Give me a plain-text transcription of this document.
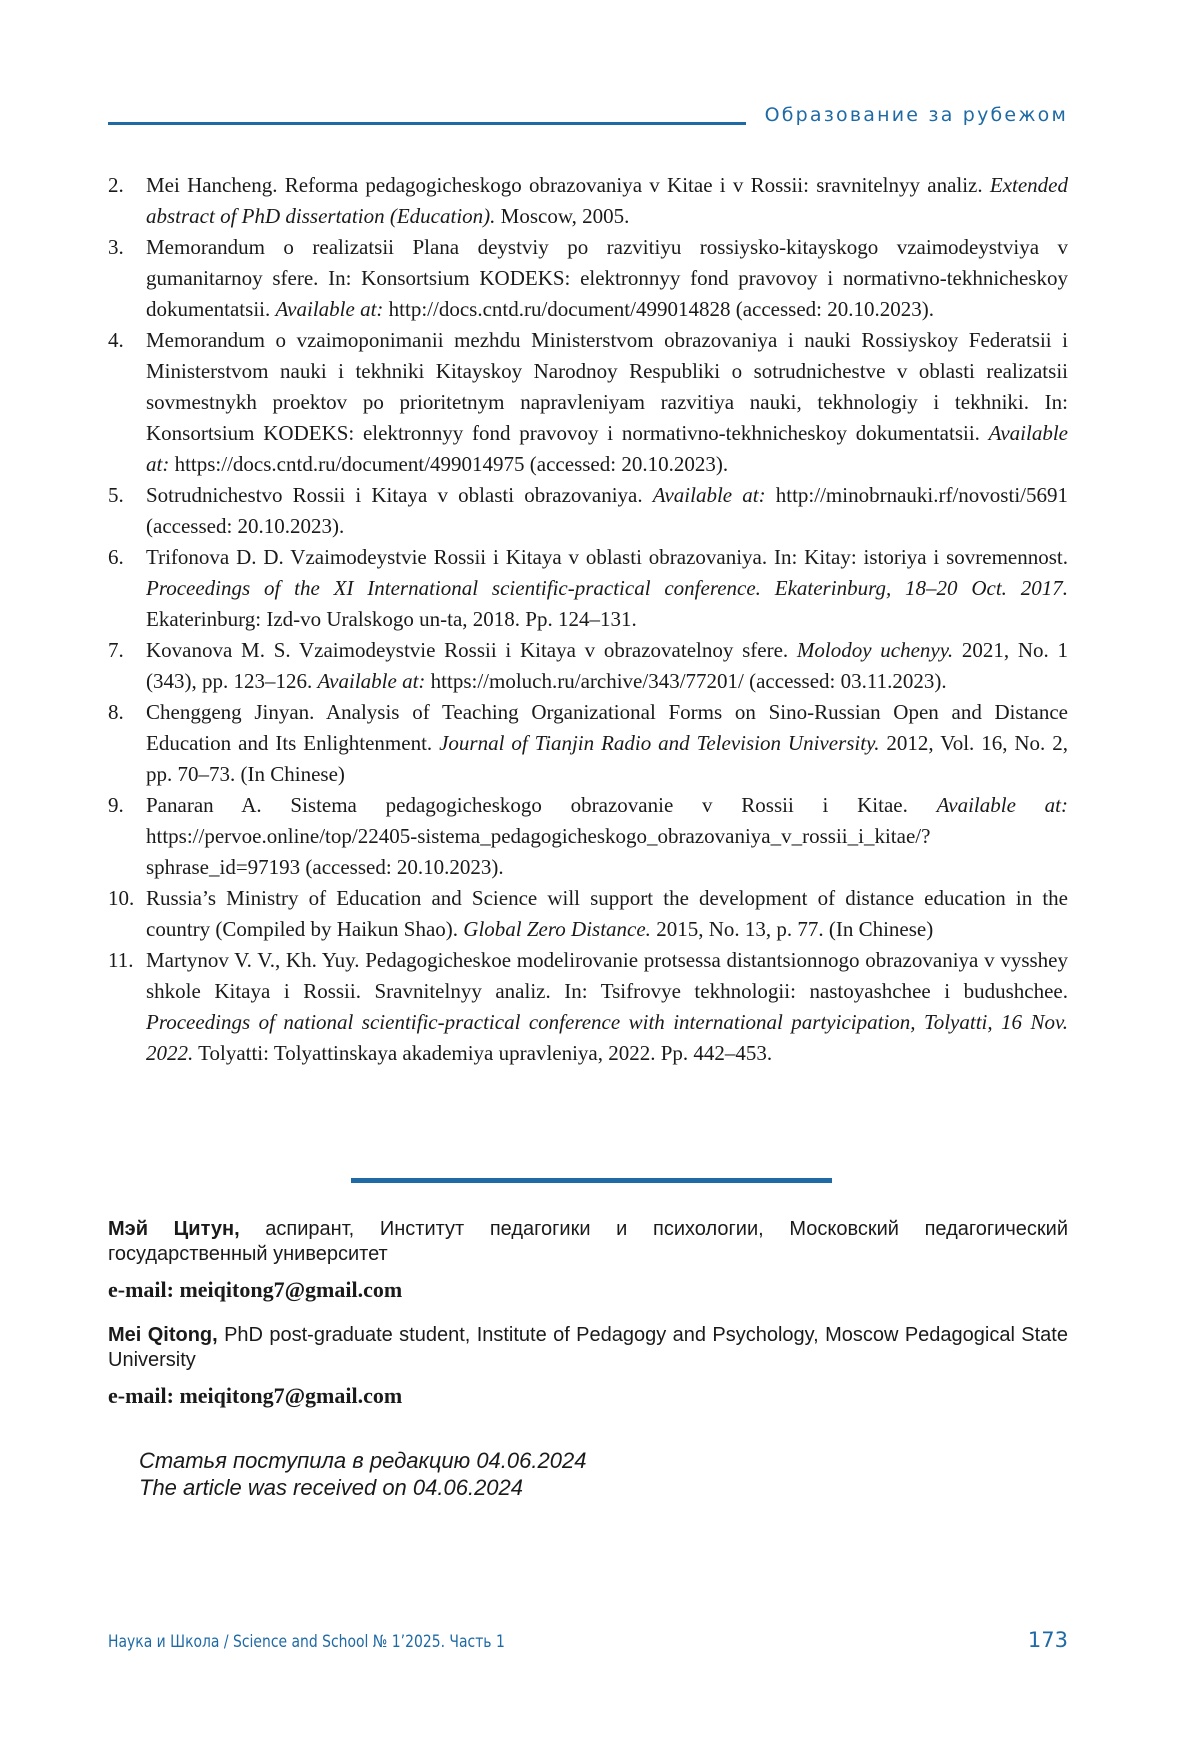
Образование за рубежом
2. Mei Hancheng. Reforma pedagogicheskogo obrazovaniya v Kitae i v Rossii: sravnitelnyy analiz. Extended abstract of PhD dissertation (Education). Moscow, 2005.
3. Memorandum o realizatsii Plana deystviy po razvitiyu rossiysko-kitayskogo vzaimodeystviya v gumanitarnoy sfere. In: Konsortsium KODEKS: elektronnyy fond pravovoy i normativno-tekhnicheskoy dokumentatsii. Available at: http://docs.cntd.ru/document/499014828 (accessed: 20.10.2023).
4. Memorandum o vzaimoponimanii mezhdu Ministerstvom obrazovaniya i nauki Rossiyskoy Federatsii i Ministerstvom nauki i tekhniki Kitayskoy Narodnoy Respubliki o sotrudnichestve v oblasti realizatsii sovmestnykh proektov po prioritetnym napravleniyam razvitiya nauki, tekhnologiy i tekhniki. In: Konsortsium KODEKS: elektronnyy fond pravovoy i normativno-tekhnicheskoy dokumentatsii. Available at: https://docs.cntd.ru/document/499014975 (accessed: 20.10.2023).
5. Sotrudnichestvo Rossii i Kitaya v oblasti obrazovaniya. Available at: http://minobrnauki.rf/novosti/5691 (accessed: 20.10.2023).
6. Trifonova D. D. Vzaimodeystvie Rossii i Kitaya v oblasti obrazovaniya. In: Kitay: istoriya i sovremennost. Proceedings of the XI International scientific-practical conference. Ekaterinburg, 18–20 Oct. 2017. Ekaterinburg: Izd-vo Uralskogo un-ta, 2018. Pp. 124–131.
7. Kovanova M. S. Vzaimodeystvie Rossii i Kitaya v obrazovatelnoy sfere. Molodoy uchenyy. 2021, No. 1 (343), pp. 123–126. Available at: https://moluch.ru/archive/343/77201/ (accessed: 03.11.2023).
8. Chenggeng Jinyan. Analysis of Teaching Organizational Forms on Sino-Russian Open and Distance Education and Its Enlightenment. Journal of Tianjin Radio and Television University. 2012, Vol. 16, No. 2, pp. 70–73. (In Chinese)
9. Panaran A. Sistema pedagogicheskogo obrazovanie v Rossii i Kitae. Available at: https://pervoe.online/top/22405-sistema_pedagogicheskogo_obrazovaniya_v_rossii_i_kitae/?sphrase_id=97193 (accessed: 20.10.2023).
10. Russia’s Ministry of Education and Science will support the development of distance education in the country (Compiled by Haikun Shao). Global Zero Distance. 2015, No. 13, p. 77. (In Chinese)
11. Martynov V. V., Kh. Yuy. Pedagogicheskoe modelirovanie protsessa distantsionnogo obrazovaniya v vysshey shkole Kitaya i Rossii. Sravnitelnyy analiz. In: Tsifrovye tekhnologii: nastoyashchee i budushchee. Proceedings of national scientific-practical conference with international partyicipation, Tolyatti, 16 Nov. 2022. Tolyatti: Tolyattinskaya akademiya upravleniya, 2022. Pp. 442–453.
Мэй Цитун, аспирант, Институт педагогики и психологии, Московский педагогический государственный университет
e-mail: meiqitong7@gmail.com
Mei Qitong, PhD post-graduate student, Institute of Pedagogy and Psychology, Moscow Pedagogical State University
e-mail: meiqitong7@gmail.com
Статья поступила в редакцию 04.06.2024
The article was received on 04.06.2024
Наука и Школа / Science and School № 1’2025. Часть 1	173
